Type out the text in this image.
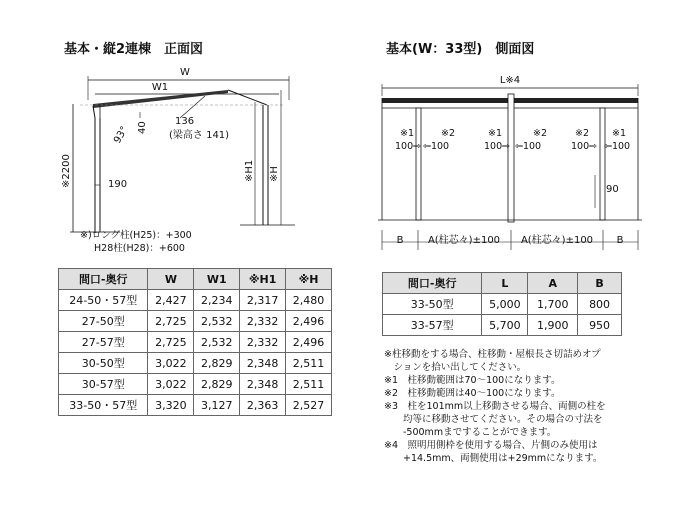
基本・縦2連棟　正面図	基本(W：33型)　側面図
W
W1
※2200	190
※H1 ※H
93° 40	136
(梁高さ 141)
※)ロング柱(H25)：+300
H28柱(H28)：+600
L※4
90
B A(柱芯々)±100 A(柱芯々)±100 B
※1
100⇨
※2
⇦100
※1
100⇨
※2
⇦100
※2
100⇨
※1
⇦100
間口-奥行	W	W1	※H1	※H
24-50・57型	2,427	2,234	2,317	2,480
27-50型	2,725	2,532	2,332	2,496
27-57型	2,725	2,532	2,332	2,496
30-50型	3,022	2,829	2,348	2,511
30-57型	3,022	2,829	2,348	2,511
33-50・57型	3,320	3,127	2,363	2,527
間口-奥行	L	A	B
33-50型	5,000	1,700	800
33-57型	5,700	1,900	950
※柱移動をする場合、柱移動・屋根長さ切詰めオプ
　ションを拾い出してください。
※1　柱移動範囲は70～100になります。
※2　柱移動範囲は40～100になります。
※3　柱を101mm以上移動させる場合、両側の柱を
　　均等に移動させてください。その場合の寸法を
　　-500mmまですることができます。
※4　照明用側枠を使用する場合、片側のみ使用は
　　+14.5mm、両側使用は+29mmになります。
